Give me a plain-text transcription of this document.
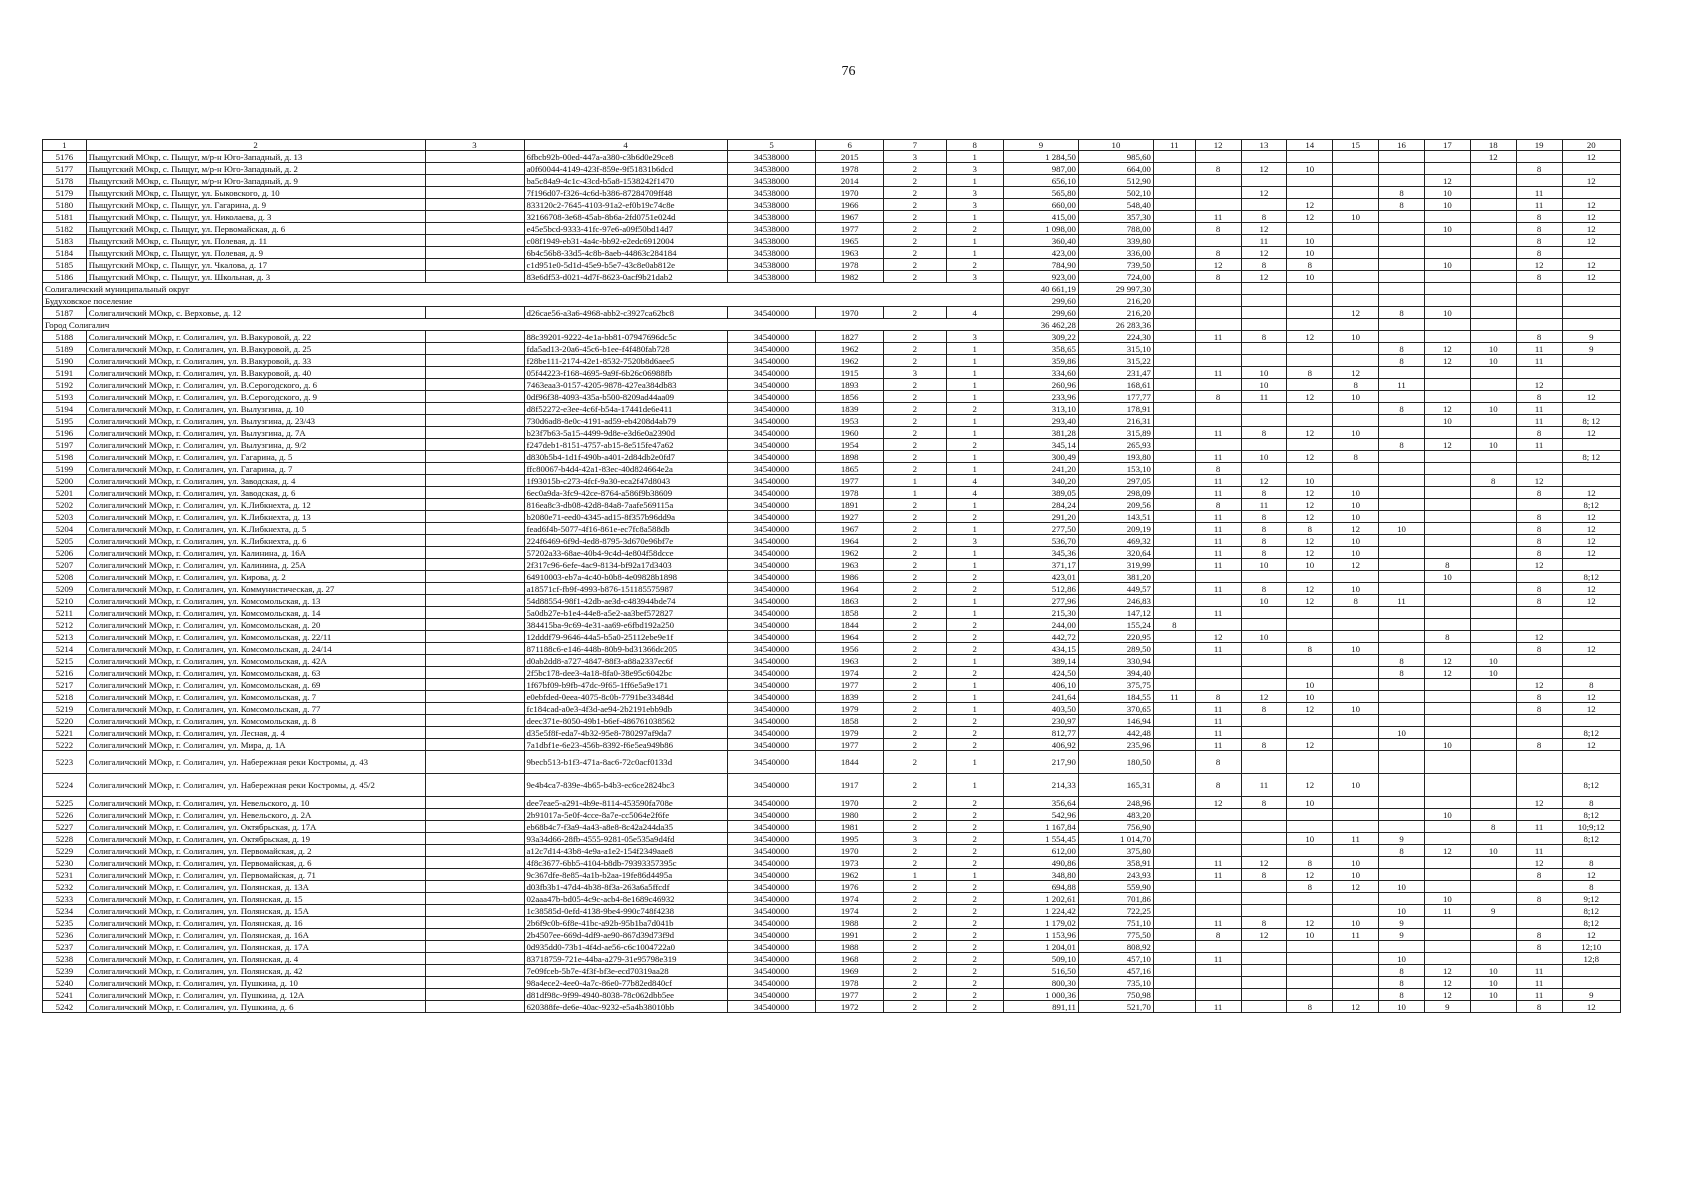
76
1	2	3	4	5	6	7	8	9	10	11	12	13	14	15	16	17	18	19	20
5176	Пыщугский МОкр, с. Пыщуг, м/р-н Юго-Западный, д. 13		6fbcb92b-00ed-447a-a380-c3b6d0e29ce8	34538000	2015	3	1	1 284,50	985,60								12		12
5177	Пыщугский МОкр, с. Пыщуг, м/р-н Юго-Западный, д. 2		a0f60044-4149-423f-859e-9f51831b6dcd	34538000	1978	2	3	987,00	664,00		8	12	10					8	
5178	Пыщугский МОкр, с. Пыщуг, м/р-н Юго-Западный, д. 9		ba5c84a9-4c1c-43cd-b5a8-1538242f1470	34538000	2014	2	1	656,10	512,90							12			12
5179	Пыщугский МОкр, с. Пыщуг, ул. Быковского, д. 10		7f196d07-f326-4c6d-b386-87284709ff48	34538000	1970	2	3	565,80	502,10			12			8	10		11	
5180	Пыщугский МОкр, с. Пыщуг, ул. Гагарина, д. 9		833120c2-7645-4103-91a2-ef0b19c74c8e	34538000	1966	2	3	660,00	548,40				12		8	10		11	12
5181	Пыщугский МОкр, с. Пыщуг, ул. Николаева, д. 3		32166708-3e68-45ab-8b6a-2fd0751e024d	34538000	1967	2	1	415,00	357,30		11	8	12	10				8	12
5182	Пыщугский МОкр, с. Пыщуг, ул. Первомайская, д. 6		e45e5bcd-9333-41fc-97e6-a09f50bd14d7	34538000	1977	2	2	1 098,00	788,00		8	12				10		8	12
5183	Пыщугский МОкр, с. Пыщуг, ул. Полевая, д. 11		c08f1949-eb31-4a4c-bb92-e2edc6912004	34538000	1965	2	1	360,40	339,80			11	10					8	12
5184	Пыщугский МОкр, с. Пыщуг, ул. Полевая, д. 9		6b4c56b8-33d5-4c8b-8aeb-44863c284184	34538000	1963	2	1	423,00	336,00		8	12	10					8	
5185	Пыщугский МОкр, с. Пыщуг, ул. Чкалова, д. 17		c1d951e0-5d1d-45e9-b5e7-43c8e0ab812e	34538000	1978	2	2	784,90	739,50		12	8	8			10		12	12
5186	Пыщугский МОкр, с. Пыщуг, ул. Школьная, д. 3		83e6df53-d021-4d7f-8623-0acf9b21dab2	34538000	1982	2	3	923,00	724,00		8	12	10					8	12
Солигаличский муниципальный округ								40 661,19	29 997,30										
Будуховское поселение								299,60	216,20										
5187	Солигаличский МОкр, с. Верховье, д. 12		d26cae56-a3a6-4968-abb2-c3927ca62bc8	34540000	1970	2	4	299,60	216,20					12	8	10			
Город Солигалич								36 462,28	26 283,36										
5188	Солигаличский МОкр, г. Солигалич, ул. В.Вакуровой, д. 22		88c39201-9222-4e1a-bb81-07947696dc5c	34540000	1827	2	3	309,22	224,30		11	8	12	10				8	9
5189	Солигаличский МОкр, г. Солигалич, ул. В.Вакуровой, д. 25		fda5ad13-20a6-45c6-b1ee-f4f480fab728	34540000	1962	2	1	358,65	315,10						8	12	10	11	9
5190	Солигаличский МОкр, г. Солигалич, ул. В.Вакуровой, д. 33		f28be111-2174-42e1-8532-7520b8d6aee5	34540000	1962	2	1	359,86	315,22						8	12	10	11	
5191	Солигаличский МОкр, г. Солигалич, ул. В.Вакуровой, д. 40		05f44223-f168-4695-9a9f-6b26c06988fb	34540000	1915	3	1	334,60	231,47		11	10	8	12					
5192	Солигаличский МОкр, г. Солигалич, ул. В.Серогодского, д. 6		7463eaa3-0157-4205-9878-427ea384db83	34540000	1893	2	1	260,96	168,61			10		8	11			12	
5193	Солигаличский МОкр, г. Солигалич, ул. В.Серогодского, д. 9		0df96f38-4093-435a-b500-8209ad44aa09	34540000	1856	2	1	233,96	177,77		8	11	12	10				8	12
5194	Солигаличский МОкр, г. Солигалич, ул. Вылузгина, д. 10		d8f52272-e3ee-4c6f-b54a-17441de6e411	34540000	1839	2	2	313,10	178,91						8	12	10	11	
5195	Солигаличский МОкр, г. Солигалич, ул. Вылузгина, д. 23/43		730d6ad8-8e0c-4191-ad59-eb4208d4ab79	34540000	1953	2	1	293,40	216,31							10		11	8; 12
5196	Солигаличский МОкр, г. Солигалич, ул. Вылузгина, д. 7А		b23f7b63-5a15-4499-9d8e-e3d6e0a2390d	34540000	1960	2	1	381,28	315,89		11	8	12	10				8	12
5197	Солигаличский МОкр, г. Солигалич, ул. Вылузгина, д. 9/2		f247deb1-8151-4757-ab15-8e515fe47a62	34540000	1954	2	2	345,14	265,93						8	12	10	11	
5198	Солигаличский МОкр, г. Солигалич, ул. Гагарина, д. 5		d830b5b4-1d1f-490b-a401-2d84db2e0fd7	34540000	1898	2	1	300,49	193,80		11	10	12	8					8; 12
5199	Солигаличский МОкр, г. Солигалич, ул. Гагарина, д. 7		ffc80067-b4d4-42a1-83ec-40d824664e2a	34540000	1865	2	1	241,20	153,10		8								
5200	Солигаличский МОкр, г. Солигалич, ул. Заводская, д. 4		1f93015b-c273-4fcf-9a30-eca2f47d8043	34540000	1977	1	4	340,20	297,05		11	12	10				8	12	
5201	Солигаличский МОкр, г. Солигалич, ул. Заводская, д. 6		6ec0a9da-3fc9-42ce-8764-a586f9b38609	34540000	1978	1	4	389,05	298,09		11	8	12	10				8	12
5202	Солигаличский МОкр, г. Солигалич, ул. К.Либкнехта, д. 12		816ea8c3-db08-42d8-84a8-7aafe569115a	34540000	1891	2	1	284,24	209,56		8	11	12	10					8;12
5203	Солигаличский МОкр, г. Солигалич, ул. К.Либкнехта, д. 13		b2080e71-eed0-4345-ad15-8f357b96dd9a	34540000	1927	2	2	291,20	143,51		11	8	12	10				8	12
5204	Солигаличский МОкр, г. Солигалич, ул. К.Либкнехта, д. 5		fead6f4b-5077-4f16-861e-ec7fc8a588db	34540000	1967	2	1	277,50	209,19		11	8	8	12	10			8	12
5205	Солигаличский МОкр, г. Солигалич, ул. К.Либкнехта, д. 6		224f6469-6f9d-4ed8-8795-3d670e96bf7e	34540000	1964	2	3	536,70	469,32		11	8	12	10				8	12
5206	Солигаличский МОкр, г. Солигалич, ул. Калинина, д. 16А		57202a33-68ae-40b4-9c4d-4e804f58dcce	34540000	1962	2	1	345,36	320,64		11	8	12	10				8	12
5207	Солигаличский МОкр, г. Солигалич, ул. Калинина, д. 25А		2f317c96-6efe-4ac9-8134-bf92a17d3403	34540000	1963	2	1	371,17	319,99		11	10	10	12		8		12	
5208	Солигаличский МОкр, г. Солигалич, ул. Кирова, д. 2		64910003-eb7a-4c40-b0b8-4e09828b1898	34540000	1986	2	2	423,01	381,20							10			8;12
5209	Солигаличский МОкр, г. Солигалич, ул. Коммунистическая, д. 27		a18571cf-fb9f-4993-b876-151185575987	34540000	1964	2	2	512,86	449,57		11	8	12	10				8	12
5210	Солигаличский МОкр, г. Солигалич, ул. Комсомольская, д. 13		54d88554-98f1-42db-ae3d-c483944bde74	34540000	1863	2	1	277,96	246,83			10	12	8	11			8	12
5211	Солигаличский МОкр, г. Солигалич, ул. Комсомольская, д. 14		5a0db27e-b1e4-44e8-a5e2-aa3bef572827	34540000	1858	2	1	215,30	147,12		11								
5212	Солигаличский МОкр, г. Солигалич, ул. Комсомольская, д. 20		384415ba-9c69-4e31-aa69-e6fbd192a250	34540000	1844	2	2	244,00	155,24	8									
5213	Солигаличский МОкр, г. Солигалич, ул. Комсомольская, д. 22/11		12dddf79-9646-44a5-b5a0-25112ebe9e1f	34540000	1964	2	2	442,72	220,95		12	10				8		12	
5214	Солигаличский МОкр, г. Солигалич, ул. Комсомольская, д. 24/14		871188c6-e146-448b-80b9-bd31366dc205	34540000	1956	2	2	434,15	289,50		11		8	10				8	12
5215	Солигаличский МОкр, г. Солигалич, ул. Комсомольская, д. 42А		d0ab2dd8-a727-4847-88f3-a88a2337ec6f	34540000	1963	2	1	389,14	330,94						8	12	10		
5216	Солигаличский МОкр, г. Солигалич, ул. Комсомольская, д. 63		2f5bc178-dee3-4a18-8fa0-38e95c6042bc	34540000	1974	2	2	424,50	394,40						8	12	10		
5217	Солигаличский МОкр, г. Солигалич, ул. Комсомольская, д. 69		1f67bf09-b9fb-47dc-9f65-1ff6e5a9e171	34540000	1977	2	1	406,10	375,75				10					12	8
5218	Солигаличский МОкр, г. Солигалич, ул. Комсомольская, д. 7		e0ebfded-0eea-4075-8c0b-7791be33484d	34540000	1839	2	1	241,64	184,55	11	8	12	10					8	12
5219	Солигаличский МОкр, г. Солигалич, ул. Комсомольская, д. 77		fc184cad-a0e3-4f3d-ae94-2b2191ebb9db	34540000	1979	2	1	403,50	370,65		11	8	12	10				8	12
5220	Солигаличский МОкр, г. Солигалич, ул. Комсомольская, д. 8		deec371e-8050-49b1-b6ef-486761038562	34540000	1858	2	2	230,97	146,94		11								
5221	Солигаличский МОкр, г. Солигалич, ул. Лесная, д. 4		d35e5f8f-eda7-4b32-95e8-780297af9da7	34540000	1979	2	2	812,77	442,48		11				10				8;12
5222	Солигаличский МОкр, г. Солигалич, ул. Мира, д. 1А		7a1dbf1e-6e23-456b-8392-f6e5ea949b86	34540000	1977	2	2	406,92	235,96		11	8	12			10		8	12
5223	Солигаличский МОкр, г. Солигалич, ул. Набережная реки Костромы, д. 43		9becb513-b1f3-471a-8ac6-72c0acf0133d	34540000	1844	2	1	217,90	180,50		8								
5224	Солигаличский МОкр, г. Солигалич, ул. Набережная реки Костромы, д. 45/2		9e4b4ca7-839e-4b65-b4b3-ec6ce2824bc3	34540000	1917	2	1	214,33	165,31		8	11	12	10					8;12
5225	Солигаличский МОкр, г. Солигалич, ул. Невельского, д. 10		dee7eae5-a291-4b9e-8114-453590fa708e	34540000	1970	2	2	356,64	248,96		12	8	10					12	8
5226	Солигаличский МОкр, г. Солигалич, ул. Невельского, д. 2А		2b91017a-5e0f-4cce-8a7e-cc5064e2f6fe	34540000	1980	2	2	542,96	483,20							10			8;12
5227	Солигаличский МОкр, г. Солигалич, ул. Октябрьская, д. 17А		eb68b4c7-f3a9-4a43-a8e8-8c42a244da35	34540000	1981	2	2	1 167,84	756,90								8	11	10;9;12
5228	Солигаличский МОкр, г. Солигалич, ул. Октябрьская, д. 19		93a34d66-28fb-4555-9281-05e535a9d4fd	34540000	1995	3	2	1 554,45	1 014,70				10	11	9				8;12
5229	Солигаличский МОкр, г. Солигалич, ул. Первомайская, д. 2		a12c7d14-43b8-4e9a-a1e2-154f2349aae8	34540000	1970	2	2	612,00	375,80						8	12	10	11	
5230	Солигаличский МОкр, г. Солигалич, ул. Первомайская, д. 6		4f8c3677-6bb5-4104-b8db-79393357395c	34540000	1973	2	2	490,86	358,91		11	12	8	10				12	8
5231	Солигаличский МОкр, г. Солигалич, ул. Первомайская, д. 71		9c367dfe-8e85-4a1b-b2aa-19fe86d4495a	34540000	1962	1	1	348,80	243,93		11	8	12	10				8	12
5232	Солигаличский МОкр, г. Солигалич, ул. Полянская, д. 13А		d03fb3b1-47d4-4b38-8f3a-263a6a5ffcdf	34540000	1976	2	2	694,88	559,90				8	12	10				8
5233	Солигаличский МОкр, г. Солигалич, ул. Полянская, д. 15		02aaa47b-bd05-4c9c-acb4-8e1689c46932	34540000	1974	2	2	1 202,61	701,86							10		8	9;12
5234	Солигаличский МОкр, г. Солигалич, ул. Полянская, д. 15А		1c38585d-0efd-4138-9be4-990c748f4238	34540000	1974	2	2	1 224,42	722,25						10	11	9		8;12
5235	Солигаличский МОкр, г. Солигалич, ул. Полянская, д. 16		2b6f9c0b-6f8e-41bc-a92b-95b1ba7d041b	34540000	1988	2	2	1 179,02	751,10		11	8	12	10	9				8;12
5236	Солигаличский МОкр, г. Солигалич, ул. Полянская, д. 16А		2b4507ee-669d-4df9-ae90-867d39d73f9d	34540000	1991	2	2	1 153,96	775,50		8	12	10	11	9			8	12
5237	Солигаличский МОкр, г. Солигалич, ул. Полянская, д. 17А		0d935dd0-73b1-4f4d-ae56-c6c1004722a0	34540000	1988	2	2	1 204,01	808,92									8	12;10
5238	Солигаличский МОкр, г. Солигалич, ул. Полянская, д. 4		83718759-721e-44ba-a279-31e95798e319	34540000	1968	2	2	509,10	457,10		11				10				12;8
5239	Солигаличский МОкр, г. Солигалич, ул. Полянская, д. 42		7e09fceb-5b7e-4f3f-bf3e-ecd70319aa28	34540000	1969	2	2	516,50	457,16						8	12	10	11	
5240	Солигаличский МОкр, г. Солигалич, ул. Пушкина, д. 10		98a4ece2-4ee0-4a7c-86e0-77b82ed840cf	34540000	1978	2	2	800,30	735,10						8	12	10	11	
5241	Солигаличский МОкр, г. Солигалич, ул. Пушкина, д. 12А		d81df98c-9f99-4940-8038-78c062dbb5ee	34540000	1977	2	2	1 000,36	750,98						8	12	10	11	9
5242	Солигаличский МОкр, г. Солигалич, ул. Пушкина, д. 6		620388fe-de6e-40ac-9232-e5a4b38010bb	34540000	1972	2	2	891,11	521,70		11		8	12	10	9		8	12
